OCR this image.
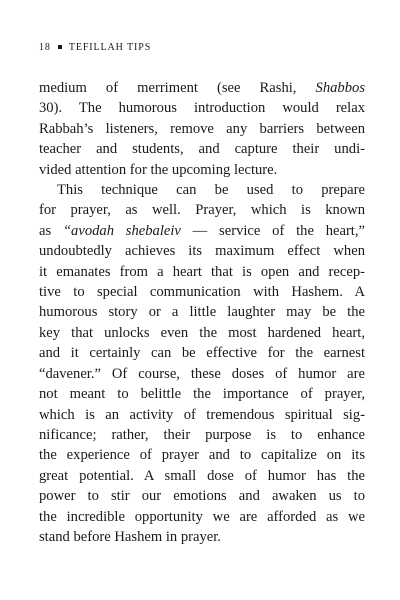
18 TEFILLAH TIPS

medium of merriment (see Rashi, Shabbos
30). The humorous introduction would relax
Rabbah’s listeners, remove any barriers between
teacher and students, and capture their undi-
vided attention for the upcoming lecture.

This technique can be used to prepare
for prayer, as well. Prayer, which is known
as “avodah shebaleiv — service of the heart,”
undoubtedly achieves its maximum effect when
it emanates from a heart that is open and recep-
tive to special communication with Hashem. A
humorous story or a little laughter may be the
key that unlocks even the most hardened heart,
and it certainly can be effective for the earnest
“davener.” Of course, these doses of humor are
not meant to belittle the importance of prayer,
which is an activity of tremendous spiritual sig-
nificance; rather, their purpose is to enhance
the experience of prayer and to capitalize on its
great potential. A small dose of humor has the
power to stir our emotions and awaken us to
the incredible opportunity we are afforded as we
stand before Hashem in prayer.
